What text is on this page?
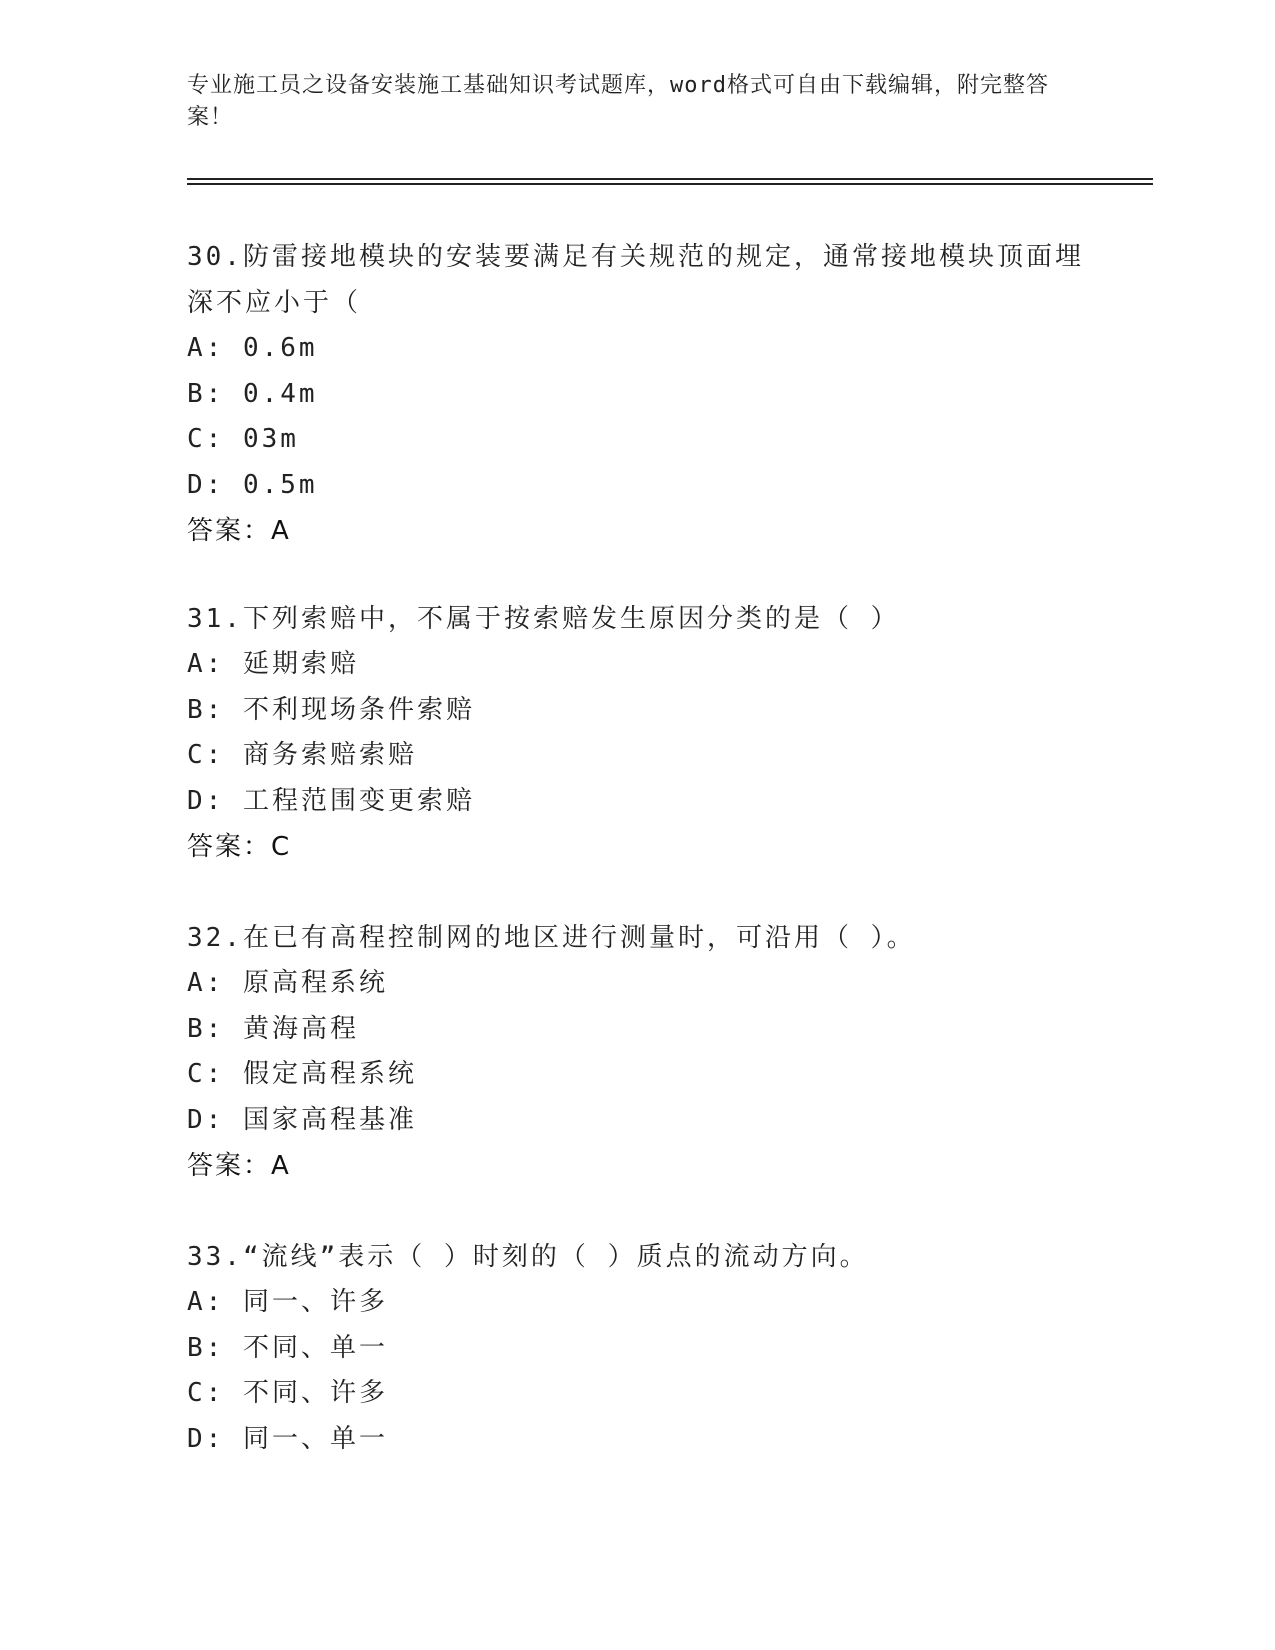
专业施工员之设备安装施工基础知识考试题库，word格式可自由下载编辑，附完整答案！
30.防雷接地模块的安装要满足有关规范的规定，通常接地模块顶面埋深不应小于（
A: 0.6m
B: 0.4m
C: 03m
D: 0.5m
答案：A
31.下列索赔中，不属于按索赔发生原因分类的是（ ）
A: 延期索赔
B: 不利现场条件索赔
C: 商务索赔索赔
D: 工程范围变更索赔
答案：C
32.在已有高程控制网的地区进行测量时，可沿用（ ）。
A: 原高程系统
B: 黄海高程
C: 假定高程系统
D: 国家高程基准
答案：A
33.“流线”表示（ ）时刻的（ ）质点的流动方向。
A: 同一、许多
B: 不同、单一
C: 不同、许多
D: 同一、单一
